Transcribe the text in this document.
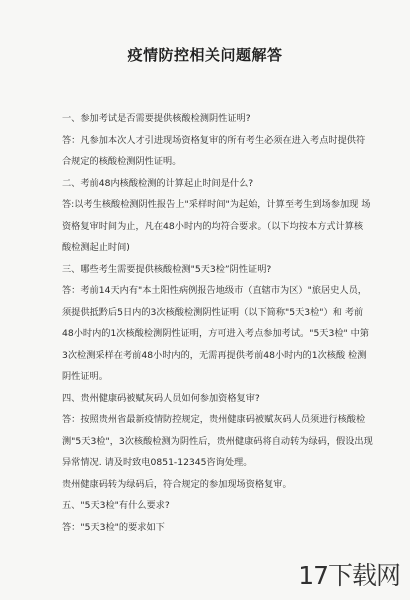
疫情防控相关问题解答

一、参加考试是否需要提供核酸检测阴性证明?

答：凡参加本次人才引进现场资格复审的所有考生必须在进入考点时提供符 合规定的核酸检测阴性证明。

二、考前48内核酸检测的计算起止时间是什么?

答:以考生核酸检测阴性报告上"采样时间"为起始，计算至考生到场参加现 场资格复审时间为止，凡在48小时内的均符合要求。（以下均按本方式计算核 酸检测起止时间)

三、哪些考生需要提供核酸检测"5天3检”阴性证明?

答：考前14天内有"本土阳性病例报告地级市（直辖市为区）"旅居史人员，须提供抵黔后5日内的3次核酸检测阴性证明（以下简称"5天3检"）和 考前48小时内的1次核酸检测阴性证明，方可进入考点参加考试。"5天3检" 中第3次检测采样在考前48小时内的，无需再提供考前48小时内的1次核酸 检测阴性证明。

四、贵州健康码被赋灰码人员如何参加资格复审?

答：按照贵州省最新疫情防控规定，贵州健康码被赋灰码人员须进行核酸检 测"5天3检"，3次核酸检测为阴性后，贵州健康码将自动转为绿码，假设出现 异常情况. 请及时致电0851-12345咨询处理。

贵州健康码转为绿码后，符合规定的参加现场资格复审。

五、"5天3检"有什么要求?

答："5天3检"的要求如下

17下载网
